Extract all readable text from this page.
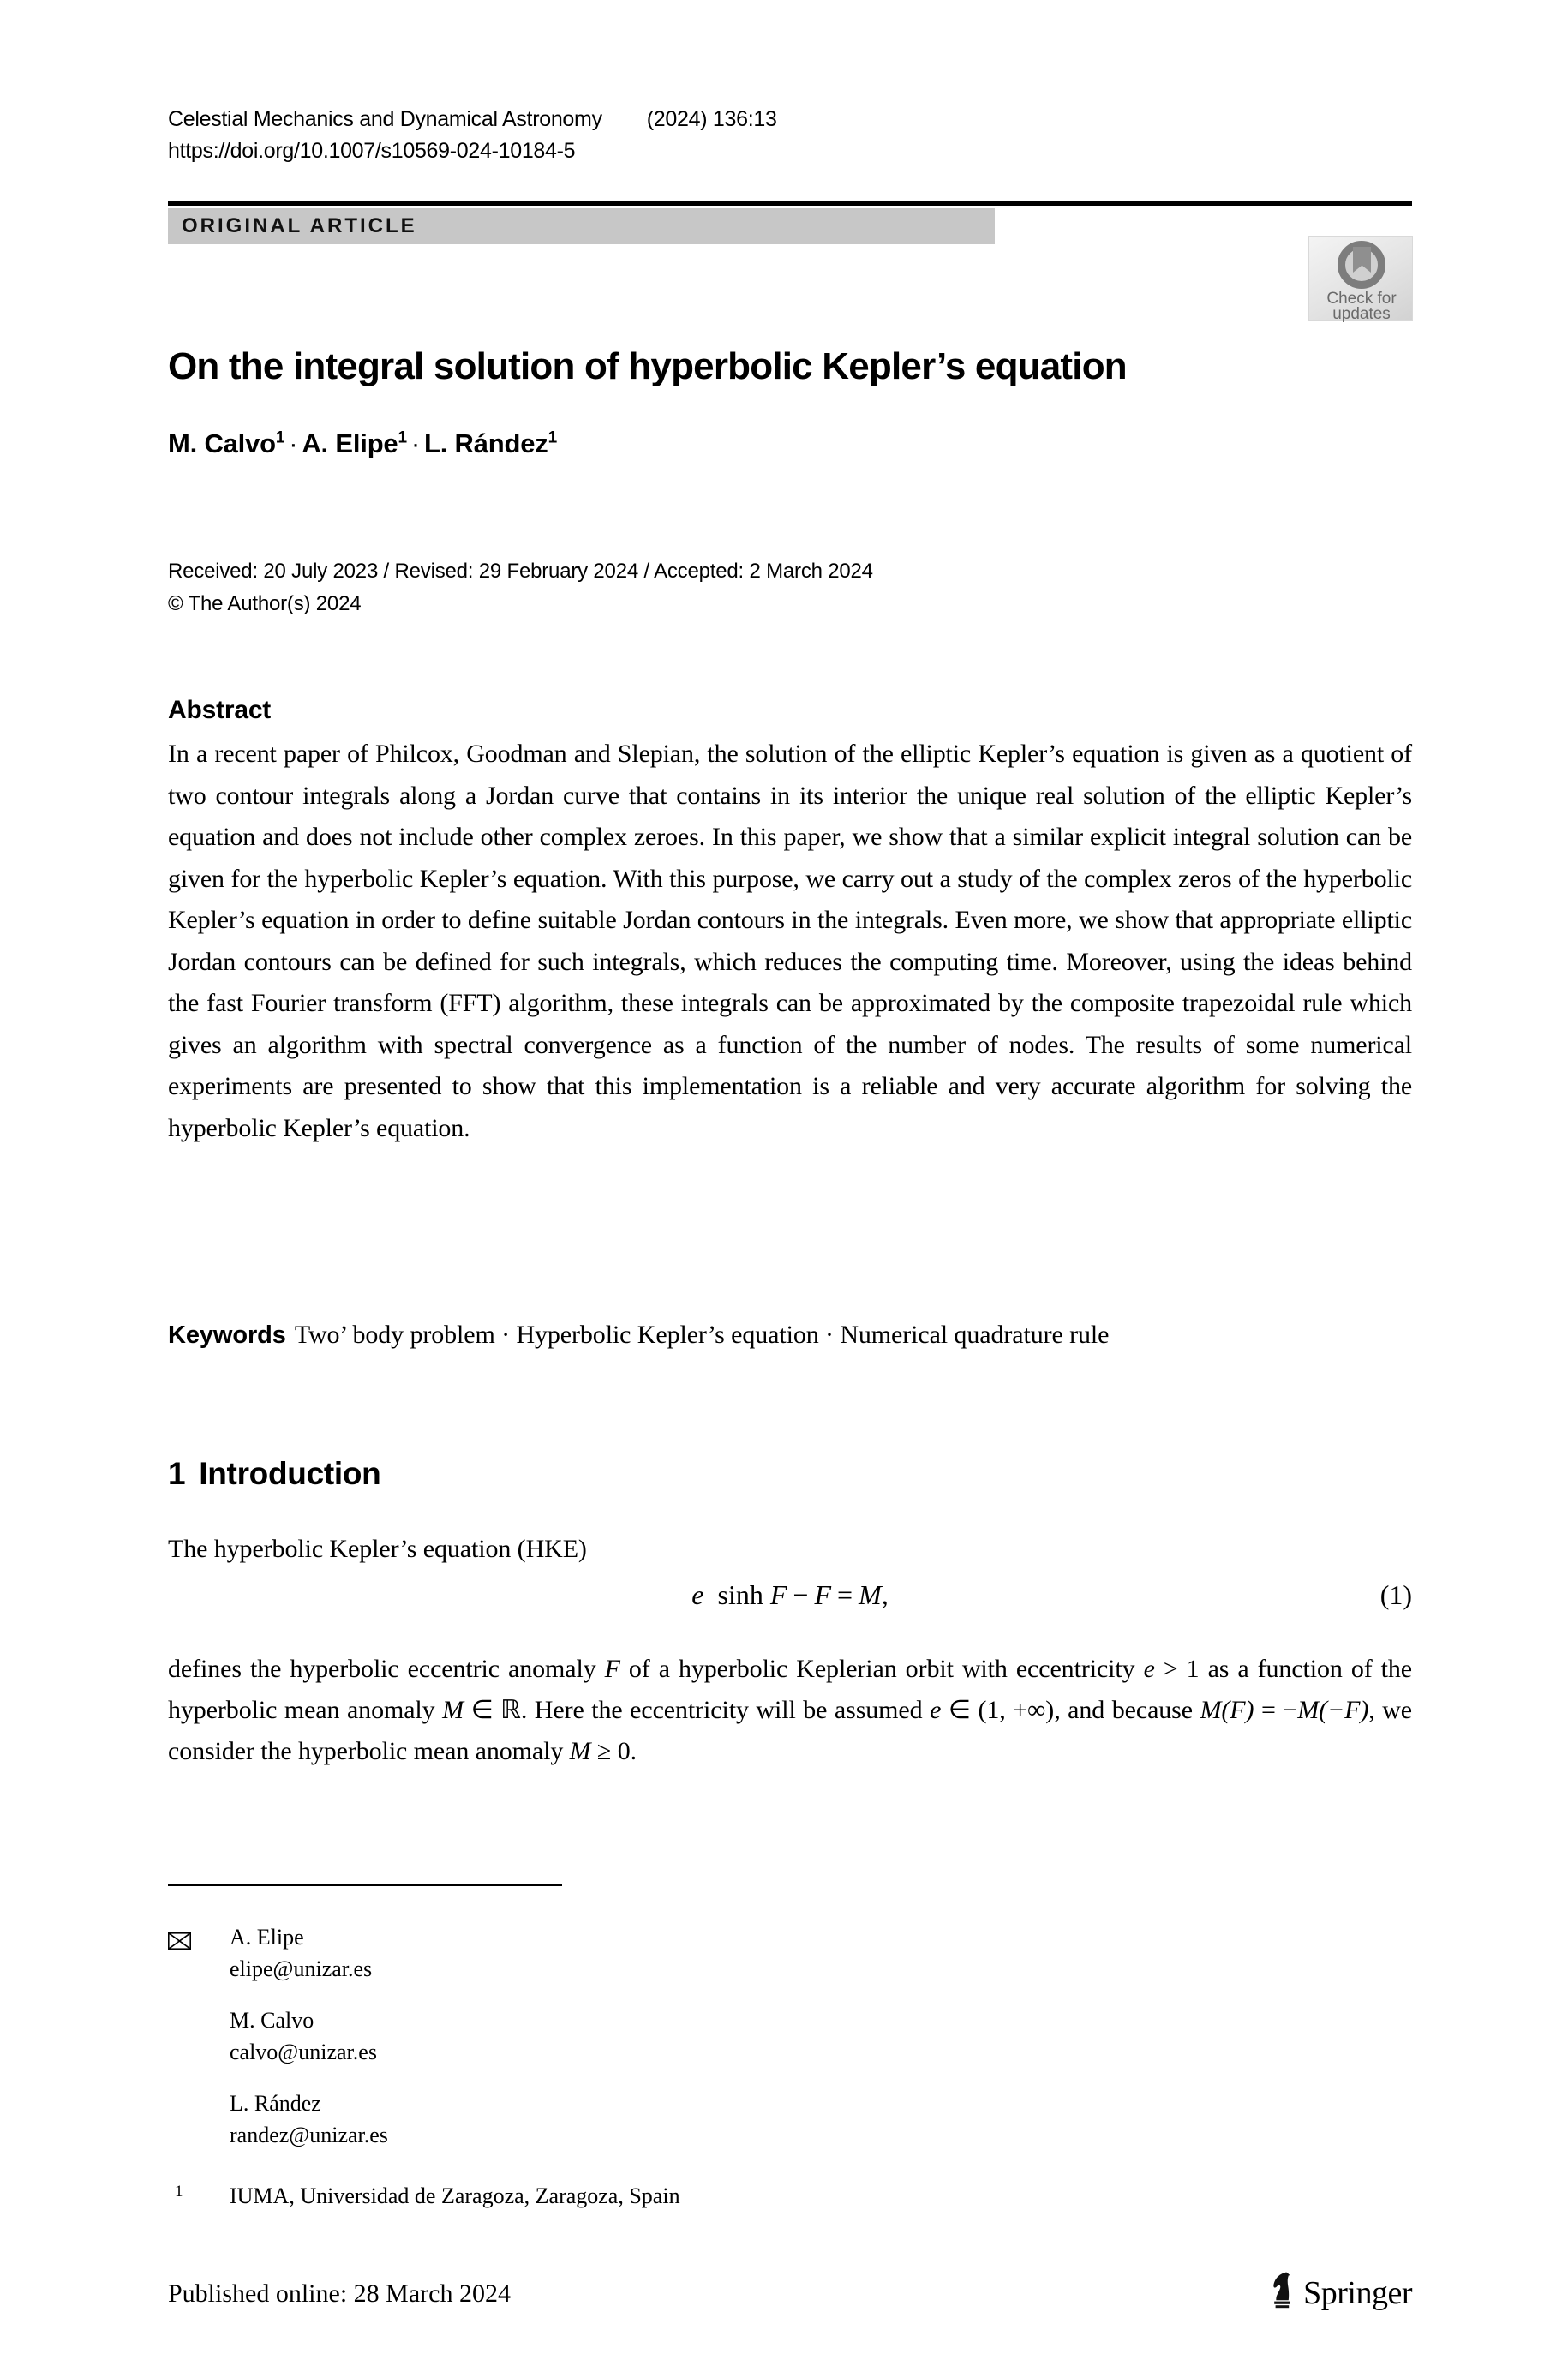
Celestial Mechanics and Dynamical Astronomy (2024) 136:13
https://doi.org/10.1007/s10569-024-10184-5
ORIGINAL ARTICLE
Check for
updates
On the integral solution of hyperbolic Kepler’s equation
M. Calvo$^1$ · A. Elipe$^1$ · L. Rández$^1$
Received: 20 July 2023 / Revised: 29 February 2024 / Accepted: 2 March 2024
© The Author(s) 2024
Abstract
In a recent paper of Philcox, Goodman and Slepian, the solution of the elliptic Kepler’s equation is given as a quotient of two contour integrals along a Jordan curve that contains in its interior the unique real solution of the elliptic Kepler’s equation and does not include other complex zeroes. In this paper, we show that a similar explicit integral solution can be given for the hyperbolic Kepler’s equation. With this purpose, we carry out a study of the complex zeros of the hyperbolic Kepler’s equation in order to define suitable Jordan contours in the integrals. Even more, we show that appropriate elliptic Jordan contours can be defined for such integrals, which reduces the computing time. Moreover, using the ideas behind the fast Fourier transform (FFT) algorithm, these integrals can be approximated by the composite trapezoidal rule which gives an algorithm with spectral convergence as a function of the number of nodes. The results of some numerical experiments are presented to show that this implementation is a reliable and very accurate algorithm for solving the hyperbolic Kepler’s equation.
Keywords Two’ body problem · Hyperbolic Kepler’s equation · Numerical quadrature rule
1 Introduction
The hyperbolic Kepler’s equation (HKE)
e sinh F − F = M,	(1)
defines the hyperbolic eccentric anomaly F of a hyperbolic Keplerian orbit with eccentricity e > 1 as a function of the hyperbolic mean anomaly M ∈ ℝ. Here the eccentricity will be assumed e ∈ (1, +∞), and because M(F) = −M(−F), we consider the hyperbolic mean anomaly M ≥ 0.
A. Elipe
elipe@unizar.es
M. Calvo
calvo@unizar.es
L. Rández
randez@unizar.es
1 IUMA, Universidad de Zaragoza, Zaragoza, Spain
Published online: 28 March 2024	Springer
